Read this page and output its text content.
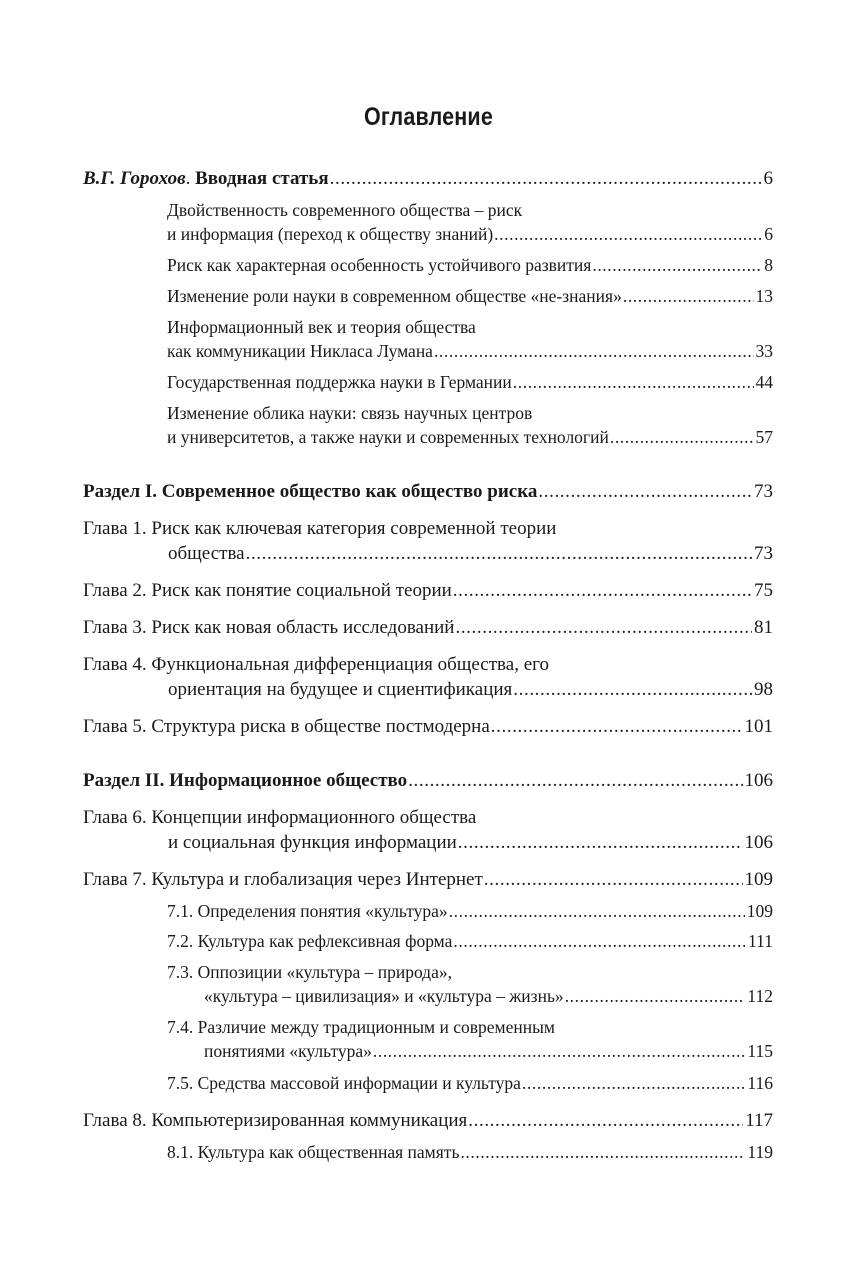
Оглавление
В.Г. Горохов. Вводная статья .....	6
Двойственность современного общества – риск
и информация (переход к обществу знаний) .....	6
Риск как характерная особенность устойчивого развития .....	8
Изменение роли науки в современном обществе «не-знания» .....	13
Информационный век и теория общества
как коммуникации Никласа Лумана .....	33
Государственная поддержка науки в Германии .....	44
Изменение облика науки: связь научных центров
и университетов, а также науки и современных технологий .....	57
Раздел I. Современное общество как общество риска .....	73
Глава 1. Риск как ключевая категория современной теории
общества .....	73
Глава 2. Риск как понятие социальной теории .....	75
Глава 3. Риск как новая область исследований .....	81
Глава 4. Функциональная дифференциация общества, его
ориентация на будущее и сциентификация .....	98
Глава 5. Структура риска в обществе постмодерна .....	101
Раздел II. Информационное общество .....	106
Глава 6. Концепции информационного общества
и социальная функция информации .....	106
Глава 7. Культура и глобализация через Интернет .....	109
7.1. Определения понятия «культура» .....	109
7.2. Культура как рефлексивная форма .....	111
7.3. Оппозиции «культура – природа»,
«культура – цивилизация» и «культура – жизнь» .....	112
7.4. Различие между традиционным и современным
понятиями «культура» .....	115
7.5. Средства массовой информации и культура .....	116
Глава 8. Компьютеризированная коммуникация .....	117
8.1. Культура как общественная память .....	119
